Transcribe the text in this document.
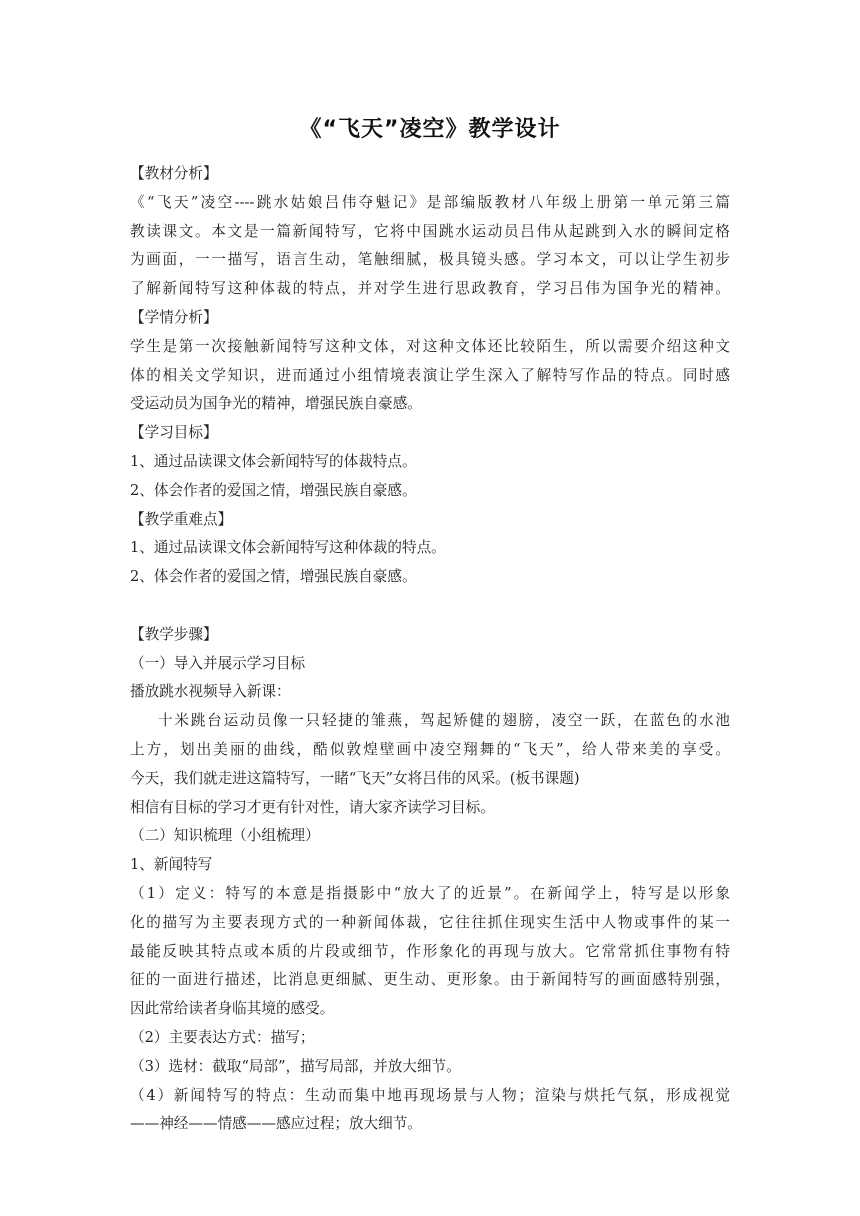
《“飞天”凌空》教学设计
【教材分析】
《“飞天”凌空----跳水姑娘吕伟夺魁记》是部编版教材八年级上册第一单元第三篇
教读课文。本文是一篇新闻特写，它将中国跳水运动员吕伟从起跳到入水的瞬间定格
为画面，一一描写，语言生动，笔触细腻，极具镜头感。学习本文，可以让学生初步
了解新闻特写这种体裁的特点，并对学生进行思政教育，学习吕伟为国争光的精神。
【学情分析】
学生是第一次接触新闻特写这种文体，对这种文体还比较陌生，所以需要介绍这种文
体的相关文学知识，进而通过小组情境表演让学生深入了解特写作品的特点。同时感
受运动员为国争光的精神，增强民族自豪感。
【学习目标】
1、通过品读课文体会新闻特写的体裁特点。
2、体会作者的爱国之情，增强民族自豪感。
【教学重难点】
1、通过品读课文体会新闻特写这种体裁的特点。
2、体会作者的爱国之情，增强民族自豪感。
【教学步骤】
（一）导入并展示学习目标
播放跳水视频导入新课：
十米跳台运动员像一只轻捷的雏燕，驾起矫健的翅膀，凌空一跃，在蓝色的水池
上方，划出美丽的曲线，酷似敦煌壁画中凌空翔舞的“飞天”，给人带来美的享受。
今天，我们就走进这篇特写，一睹“飞天”女将吕伟的风采。(板书课题)
相信有目标的学习才更有针对性，请大家齐读学习目标。
（二）知识梳理（小组梳理）
1、新闻特写
（1）定义：特写的本意是指摄影中“放大了的近景”。在新闻学上，特写是以形象
化的描写为主要表现方式的一种新闻体裁，它往往抓住现实生活中人物或事件的某一
最能反映其特点或本质的片段或细节，作形象化的再现与放大。它常常抓住事物有特
征的一面进行描述，比消息更细腻、更生动、更形象。由于新闻特写的画面感特别强，
因此常给读者身临其境的感受。
（2）主要表达方式：描写；
（3）选材：截取“局部”，描写局部，并放大细节。
（4）新闻特写的特点：生动而集中地再现场景与人物；渲染与烘托气氛，形成视觉
——神经——情感——感应过程；放大细节。
